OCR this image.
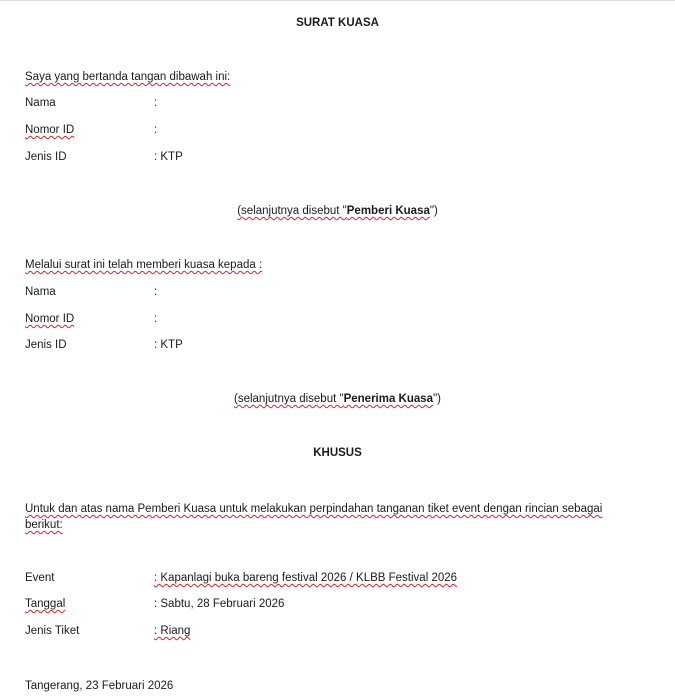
SURAT KUASA
Saya yang bertanda tangan dibawah ini:
Nama	:
Nomor ID	:
Jenis ID	: KTP
(selanjutnya disebut "Pemberi Kuasa")
Melalui surat ini telah memberi kuasa kepada :
Nama	:
Nomor ID	:
Jenis ID	: KTP
(selanjutnya disebut "Penerima Kuasa")
KHUSUS
Untuk dan atas nama Pemberi Kuasa untuk melakukan perpindahan tanganan tiket event dengan rincian sebagai berikut:
Event	: Kapanlagi buka bareng festival 2026 / KLBB Festival 2026
Tanggal	: Sabtu, 28 Februari 2026
Jenis Tiket	: Riang
Tangerang, 23 Februari 2026
